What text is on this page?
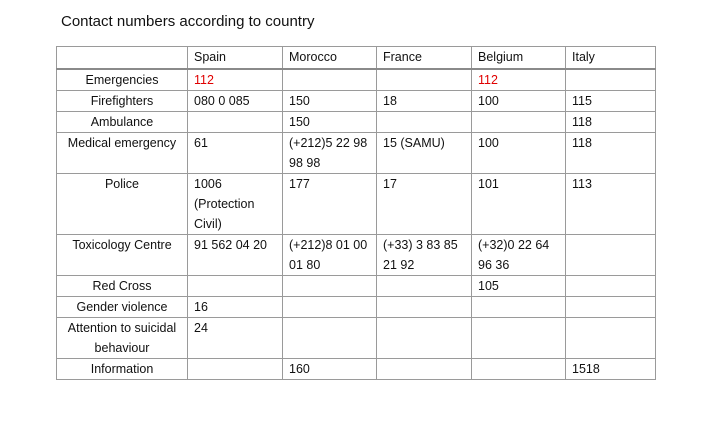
Contact numbers according to country
	Spain	Morocco	France	Belgium	Italy
Emergencies	112			112	
Firefighters	080 0 085	150	18	100	115
Ambulance		150			118
Medical emergency	61	(+212)5 22 98 98 98	15 (SAMU)	100	118
Police	1006 (Protection Civil)	177	17	101	113
Toxicology Centre	91 562 04 20	(+212)8 01 00 01 80	(+33) 3 83 85 21 92	(+32)0 22 64 96 36	
Red Cross				105	
Gender violence	16				
Attention to suicidal behaviour	24				
Information		160			1518
